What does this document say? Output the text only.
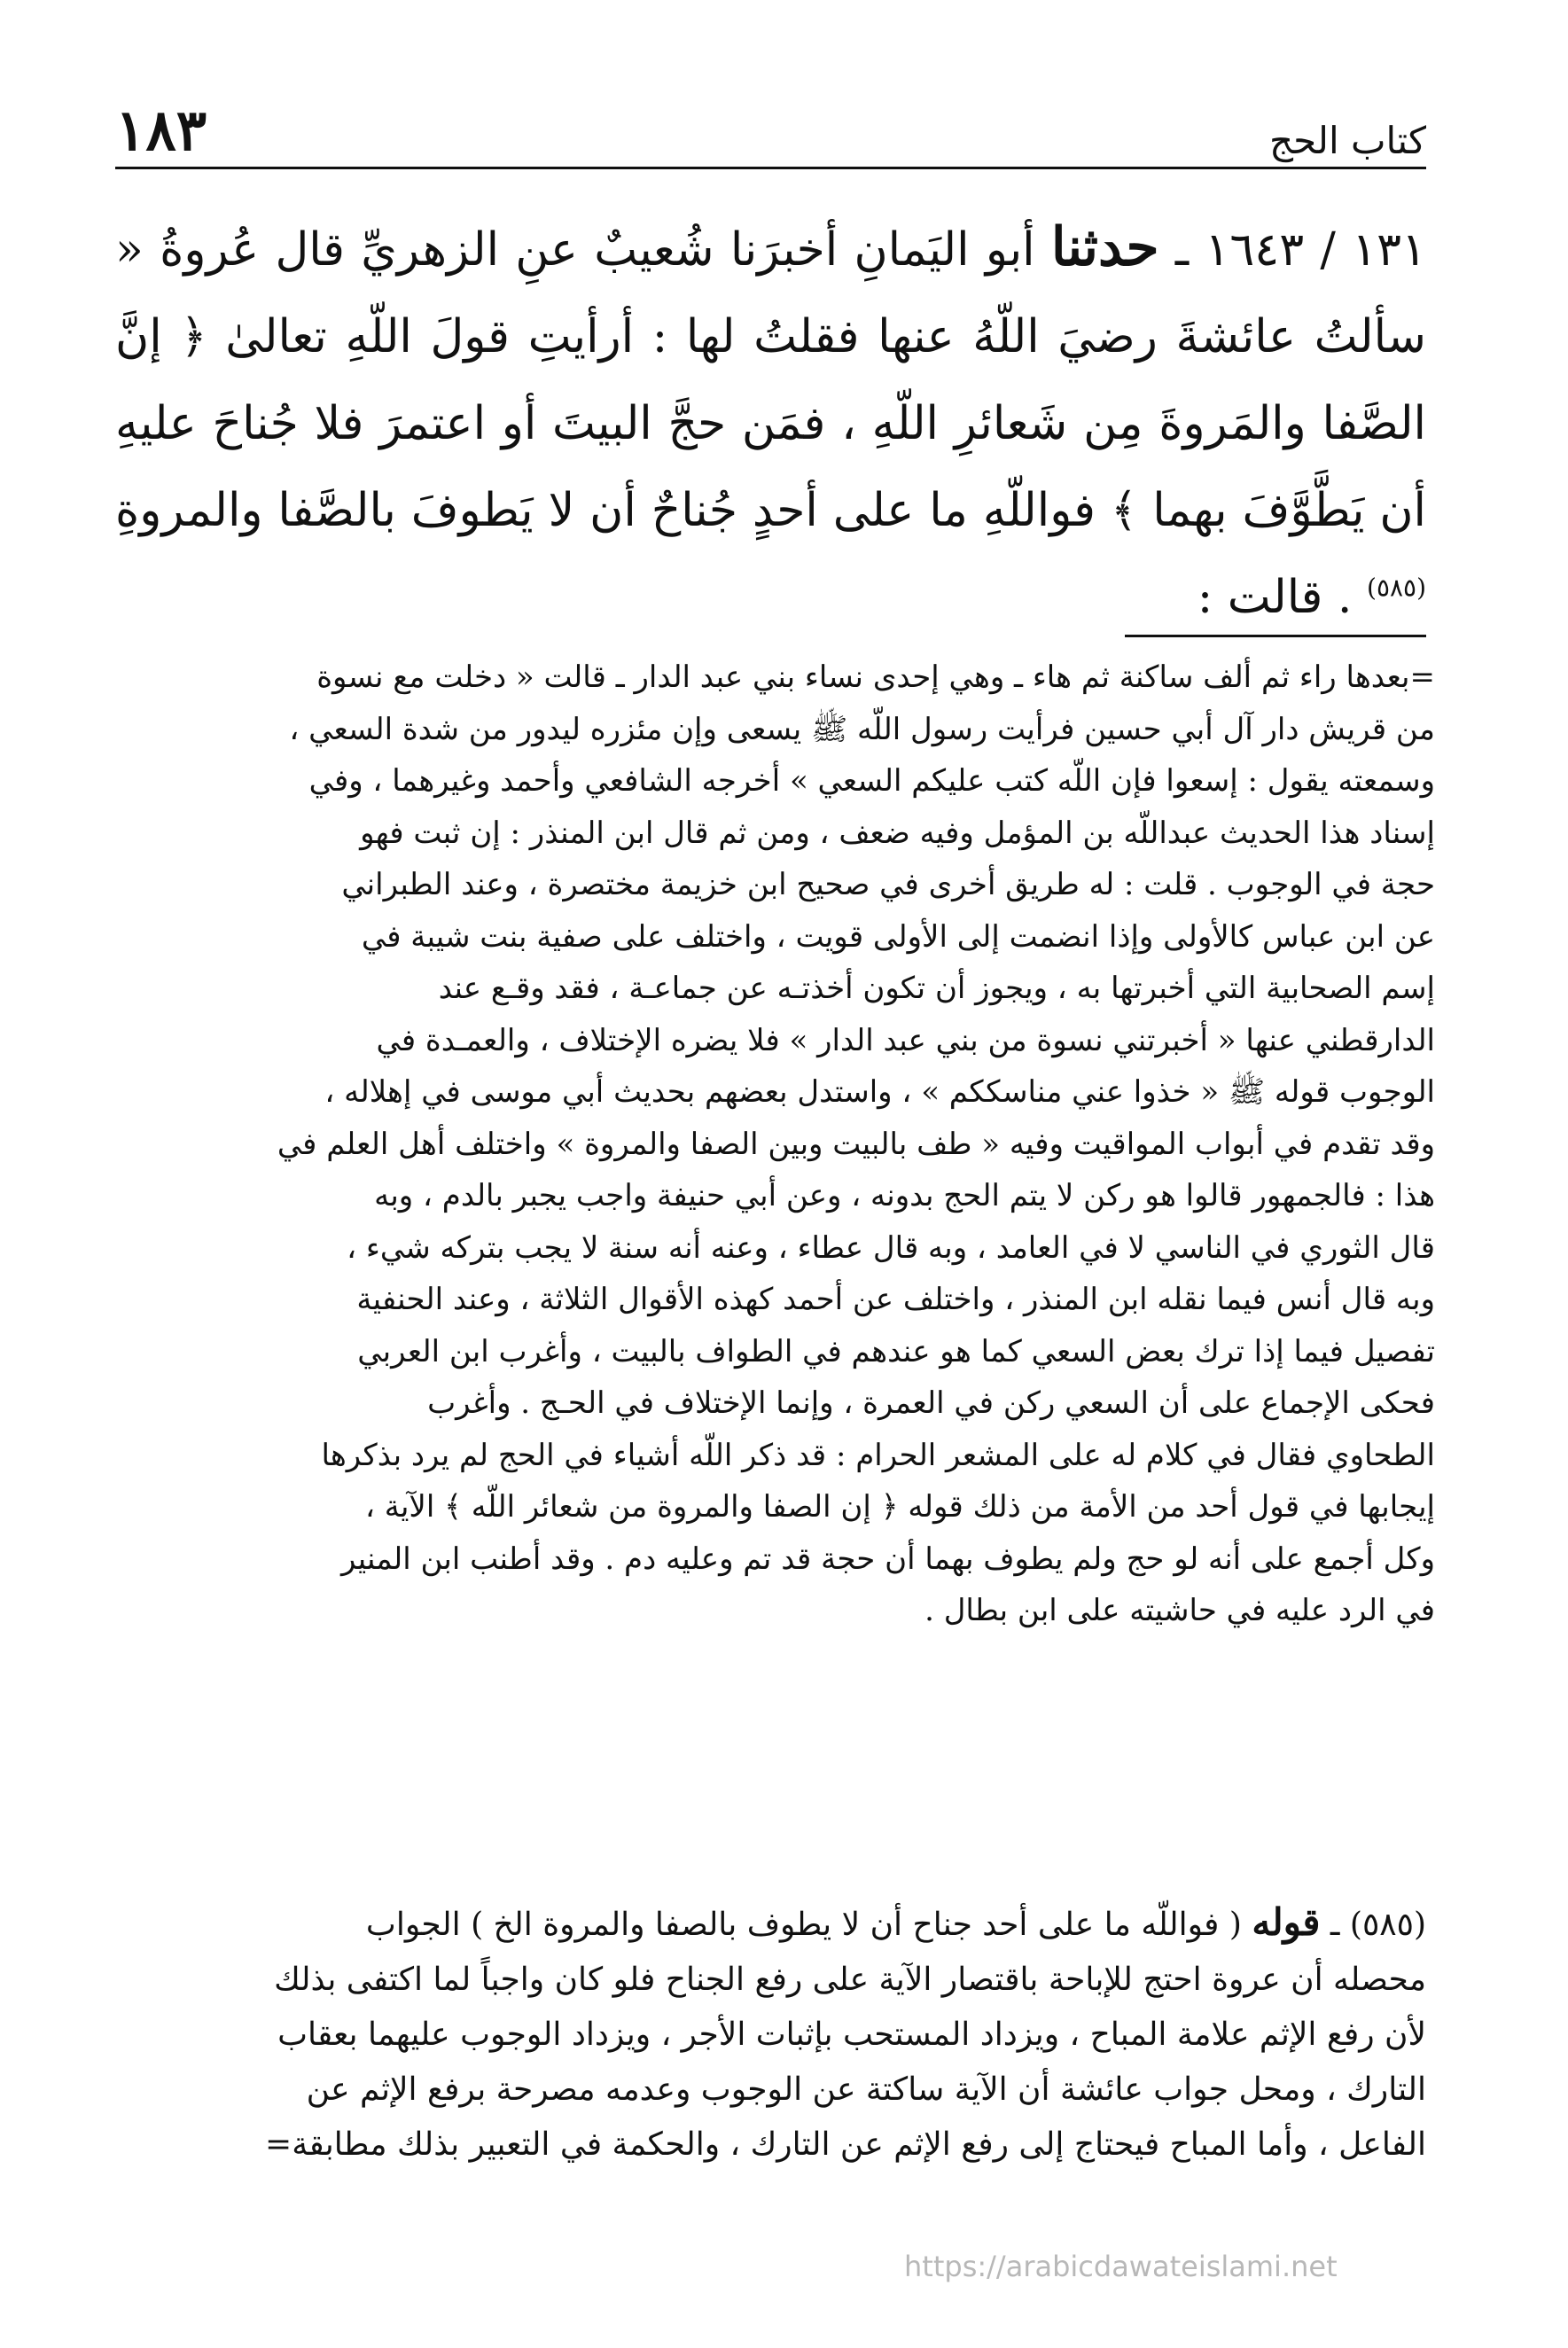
كتاب الحج
١٨٣
١٣١ / ١٦٤٣ ـ حدثنا أبو اليَمانِ أخبرَنا شُعيبٌ عنِ الزهريِّ قال عُروةُ « سألتُ عائشةَ رضيَ اللّهُ عنها فقلتُ لها : أرأيتِ قولَ اللّهِ تعالىٰ ﴿ إنَّ الصَّفا والمَروةَ مِن شَعائرِ اللّهِ ، فمَن حجَّ البيتَ أو اعتمرَ فلا جُناحَ عليهِ أن يَطَّوَّفَ بهما ﴾ فواللّهِ ما على أحدٍ جُناحٌ أن لا يَطوفَ بالصَّفا والمروةِ $^{(٥٨٥)}$ . قالت :

=بعدها راء ثم ألف ساكنة ثم هاء ـ وهي إحدى نساء بني عبد الدار ـ قالت « دخلت مع نسوة

من قريش دار آل أبي حسين فرأيت رسول اللّه ﷺ يسعى وإن مئزره ليدور من شدة السعي ،

وسمعته يقول : إسعوا فإن اللّه كتب عليكم السعي » أخرجه الشافعي وأحمد وغيرهما ، وفي

إسناد هذا الحديث عبداللّه بن المؤمل وفيه ضعف ، ومن ثم قال ابن المنذر : إن ثبت فهو

حجة في الوجوب . قلت : له طريق أخرى في صحيح ابن خزيمة مختصرة ، وعند الطبراني

عن ابن عباس كالأولى وإذا انضمت إلى الأولى قويت ، واختلف على صفية بنت شيبة في

إسم الصحابية التي أخبرتها به ، ويجوز أن تكون أخذتـه عن جماعـة ، فقد وقـع عند

الدارقطني عنها « أخبرتني نسوة من بني عبد الدار » فلا يضره الإختلاف ، والعمـدة في

الوجوب قوله ﷺ « خذوا عني مناسككم » ، واستدل بعضهم بحديث أبي موسى في إهلاله ،

وقد تقدم في أبواب المواقيت وفيه « طف بالبيت وبين الصفا والمروة » واختلف أهل العلم في

هذا : فالجمهور قالوا هو ركن لا يتم الحج بدونه ، وعن أبي حنيفة واجب يجبر بالدم ، وبه

قال الثوري في الناسي لا في العامد ، وبه قال عطاء ، وعنه أنه سنة لا يجب بتركه شيء ،

وبه قال أنس فيما نقله ابن المنذر ، واختلف عن أحمد كهذه الأقوال الثلاثة ، وعند الحنفية

تفصيل فيما إذا ترك بعض السعي كما هو عندهم في الطواف بالبيت ، وأغرب ابن العربي

فحكى الإجماع على أن السعي ركن في العمرة ، وإنما الإختلاف في الحـج . وأغرب

الطحاوي فقال في كلام له على المشعر الحرام : قد ذكر اللّه أشياء في الحج لم يرد بذكرها

إيجابها في قول أحد من الأمة من ذلك قوله ﴿ إن الصفا والمروة من شعائر اللّه ﴾ الآية ،

وكل أجمع على أنه لو حج ولم يطوف بهما أن حجة قد تم وعليه دم . وقد أطنب ابن المنير

في الرد عليه في حاشيته على ابن بطال .

(٥٨٥) ـ قوله ( فواللّه ما على أحد جناح أن لا يطوف بالصفا والمروة الخ ) الجواب

محصله أن عروة احتج للإباحة باقتصار الآية على رفع الجناح فلو كان واجباً لما اكتفى بذلك

لأن رفع الإثم علامة المباح ، ويزداد المستحب بإثبات الأجر ، ويزداد الوجوب عليهما بعقاب

التارك ، ومحل جواب عائشة أن الآية ساكتة عن الوجوب وعدمه مصرحة برفع الإثم عن

الفاعل ، وأما المباح فيحتاج إلى رفع الإثم عن التارك ، والحكمة في التعبير بذلك مطابقة=

https://arabicdawateislami.net
